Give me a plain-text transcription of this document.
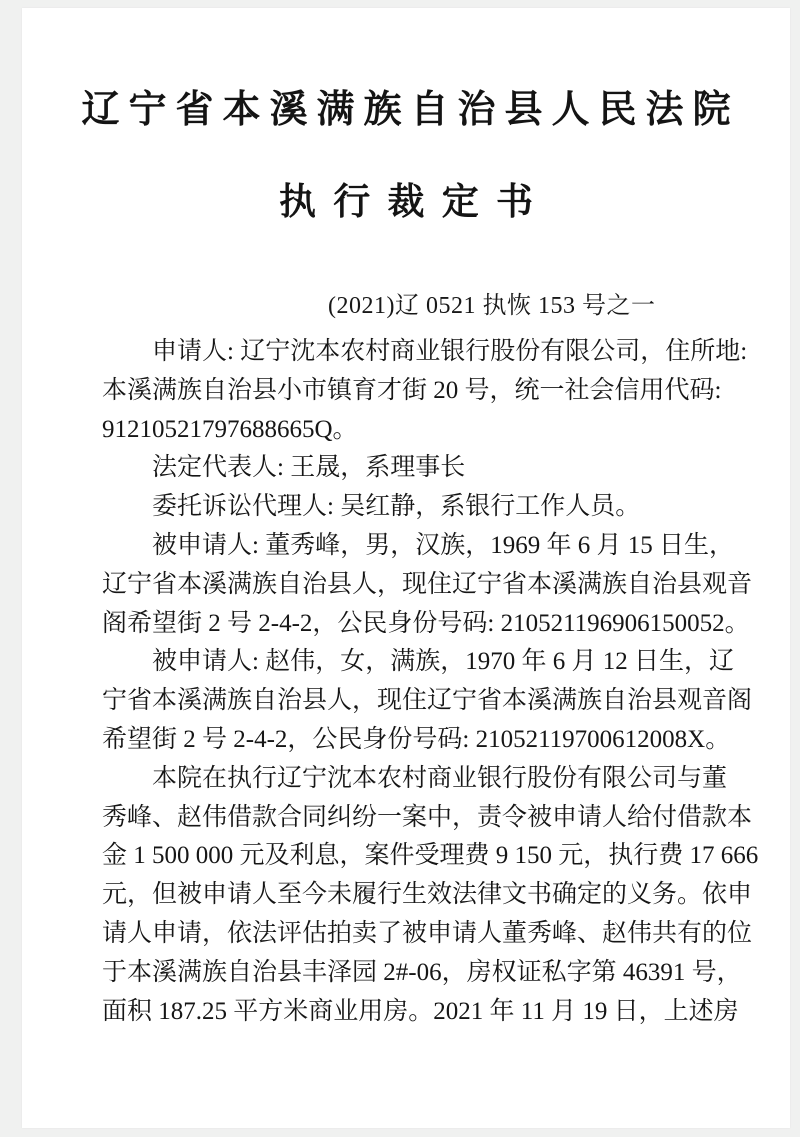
辽宁省本溪满族自治县人民法院
执 行 裁 定 书
(2021)辽 0521 执恢 153 号之一
申请人: 辽宁沈本农村商业银行股份有限公司，住所地:
本溪满族自治县小市镇育才街 20 号，统一社会信用代码:
91210521797688665Q。
法定代表人: 王晟，系理事长
委托诉讼代理人: 吴红静，系银行工作人员。
被申请人: 董秀峰，男，汉族，1969 年 6 月 15 日生，
辽宁省本溪满族自治县人，现住辽宁省本溪满族自治县观音
阁希望街 2 号 2-4-2，公民身份号码: 210521196906150052。
被申请人: 赵伟，女，满族，1970 年 6 月 12 日生，辽
宁省本溪满族自治县人，现住辽宁省本溪满族自治县观音阁
希望街 2 号 2-4-2，公民身份号码: 21052119700612008X。
本院在执行辽宁沈本农村商业银行股份有限公司与董
秀峰、赵伟借款合同纠纷一案中，责令被申请人给付借款本
金 1 500 000 元及利息，案件受理费 9 150 元，执行费 17 666
元，但被申请人至今未履行生效法律文书确定的义务。依申
请人申请，依法评估拍卖了被申请人董秀峰、赵伟共有的位
于本溪满族自治县丰泽园 2#-06，房权证私字第 46391 号，
面积 187.25 平方米商业用房。2021 年 11 月 19 日，上述房
